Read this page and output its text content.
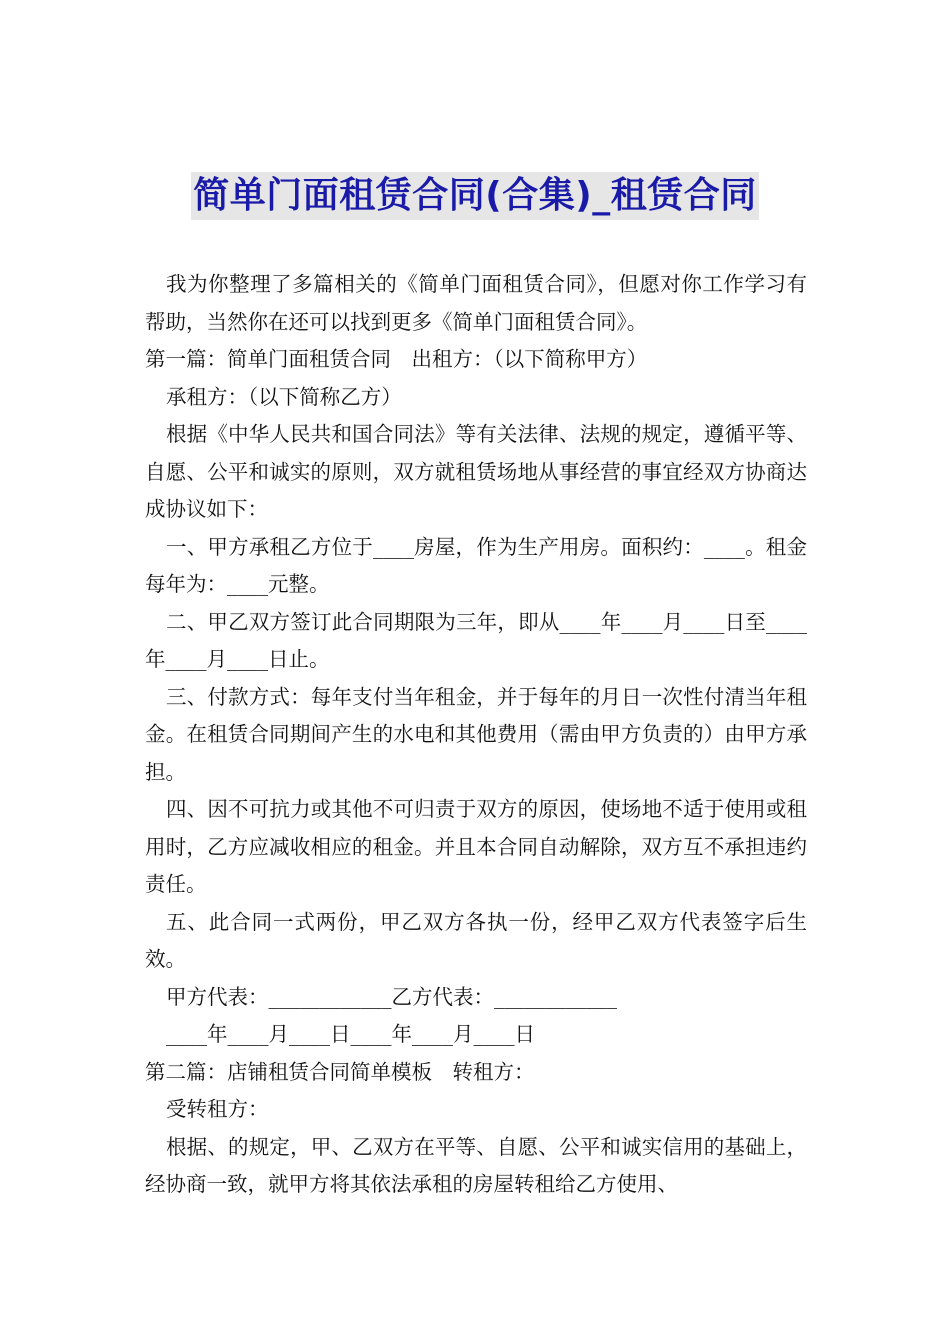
简单门面租赁合同(合集)_租赁合同

我为你整理了多篇相关的《简单门面租赁合同》，但愿对你工作学习有帮助，当然你在还可以找到更多《简单门面租赁合同》。

第一篇：简单门面租赁合同　出租方：（以下简称甲方）

承租方：（以下简称乙方）

根据《中华人民共和国合同法》等有关法律、法规的规定，遵循平等、自愿、公平和诚实的原则，双方就租赁场地从事经营的事宜经双方协商达成协议如下：

一、甲方承租乙方位于____房屋，作为生产用房。面积约：____。租金每年为：____元整。

二、甲乙双方签订此合同期限为三年，即从____年____月____日至____年____月____日止。

三、付款方式：每年支付当年租金，并于每年的月日一次性付清当年租金。在租赁合同期间产生的水电和其他费用（需由甲方负责的）由甲方承担。

四、因不可抗力或其他不可归责于双方的原因，使场地不适于使用或租用时，乙方应减收相应的租金。并且本合同自动解除，双方互不承担违约责任。

五、此合同一式两份，甲乙双方各执一份，经甲乙双方代表签字后生效。

甲方代表：____________乙方代表：____________

____年____月____日____年____月____日

第二篇：店铺租赁合同简单模板　转租方：

受转租方：

根据、的规定，甲、乙双方在平等、自愿、公平和诚实信用的基础上，经协商一致，就甲方将其依法承租的房屋转租给乙方使用、
